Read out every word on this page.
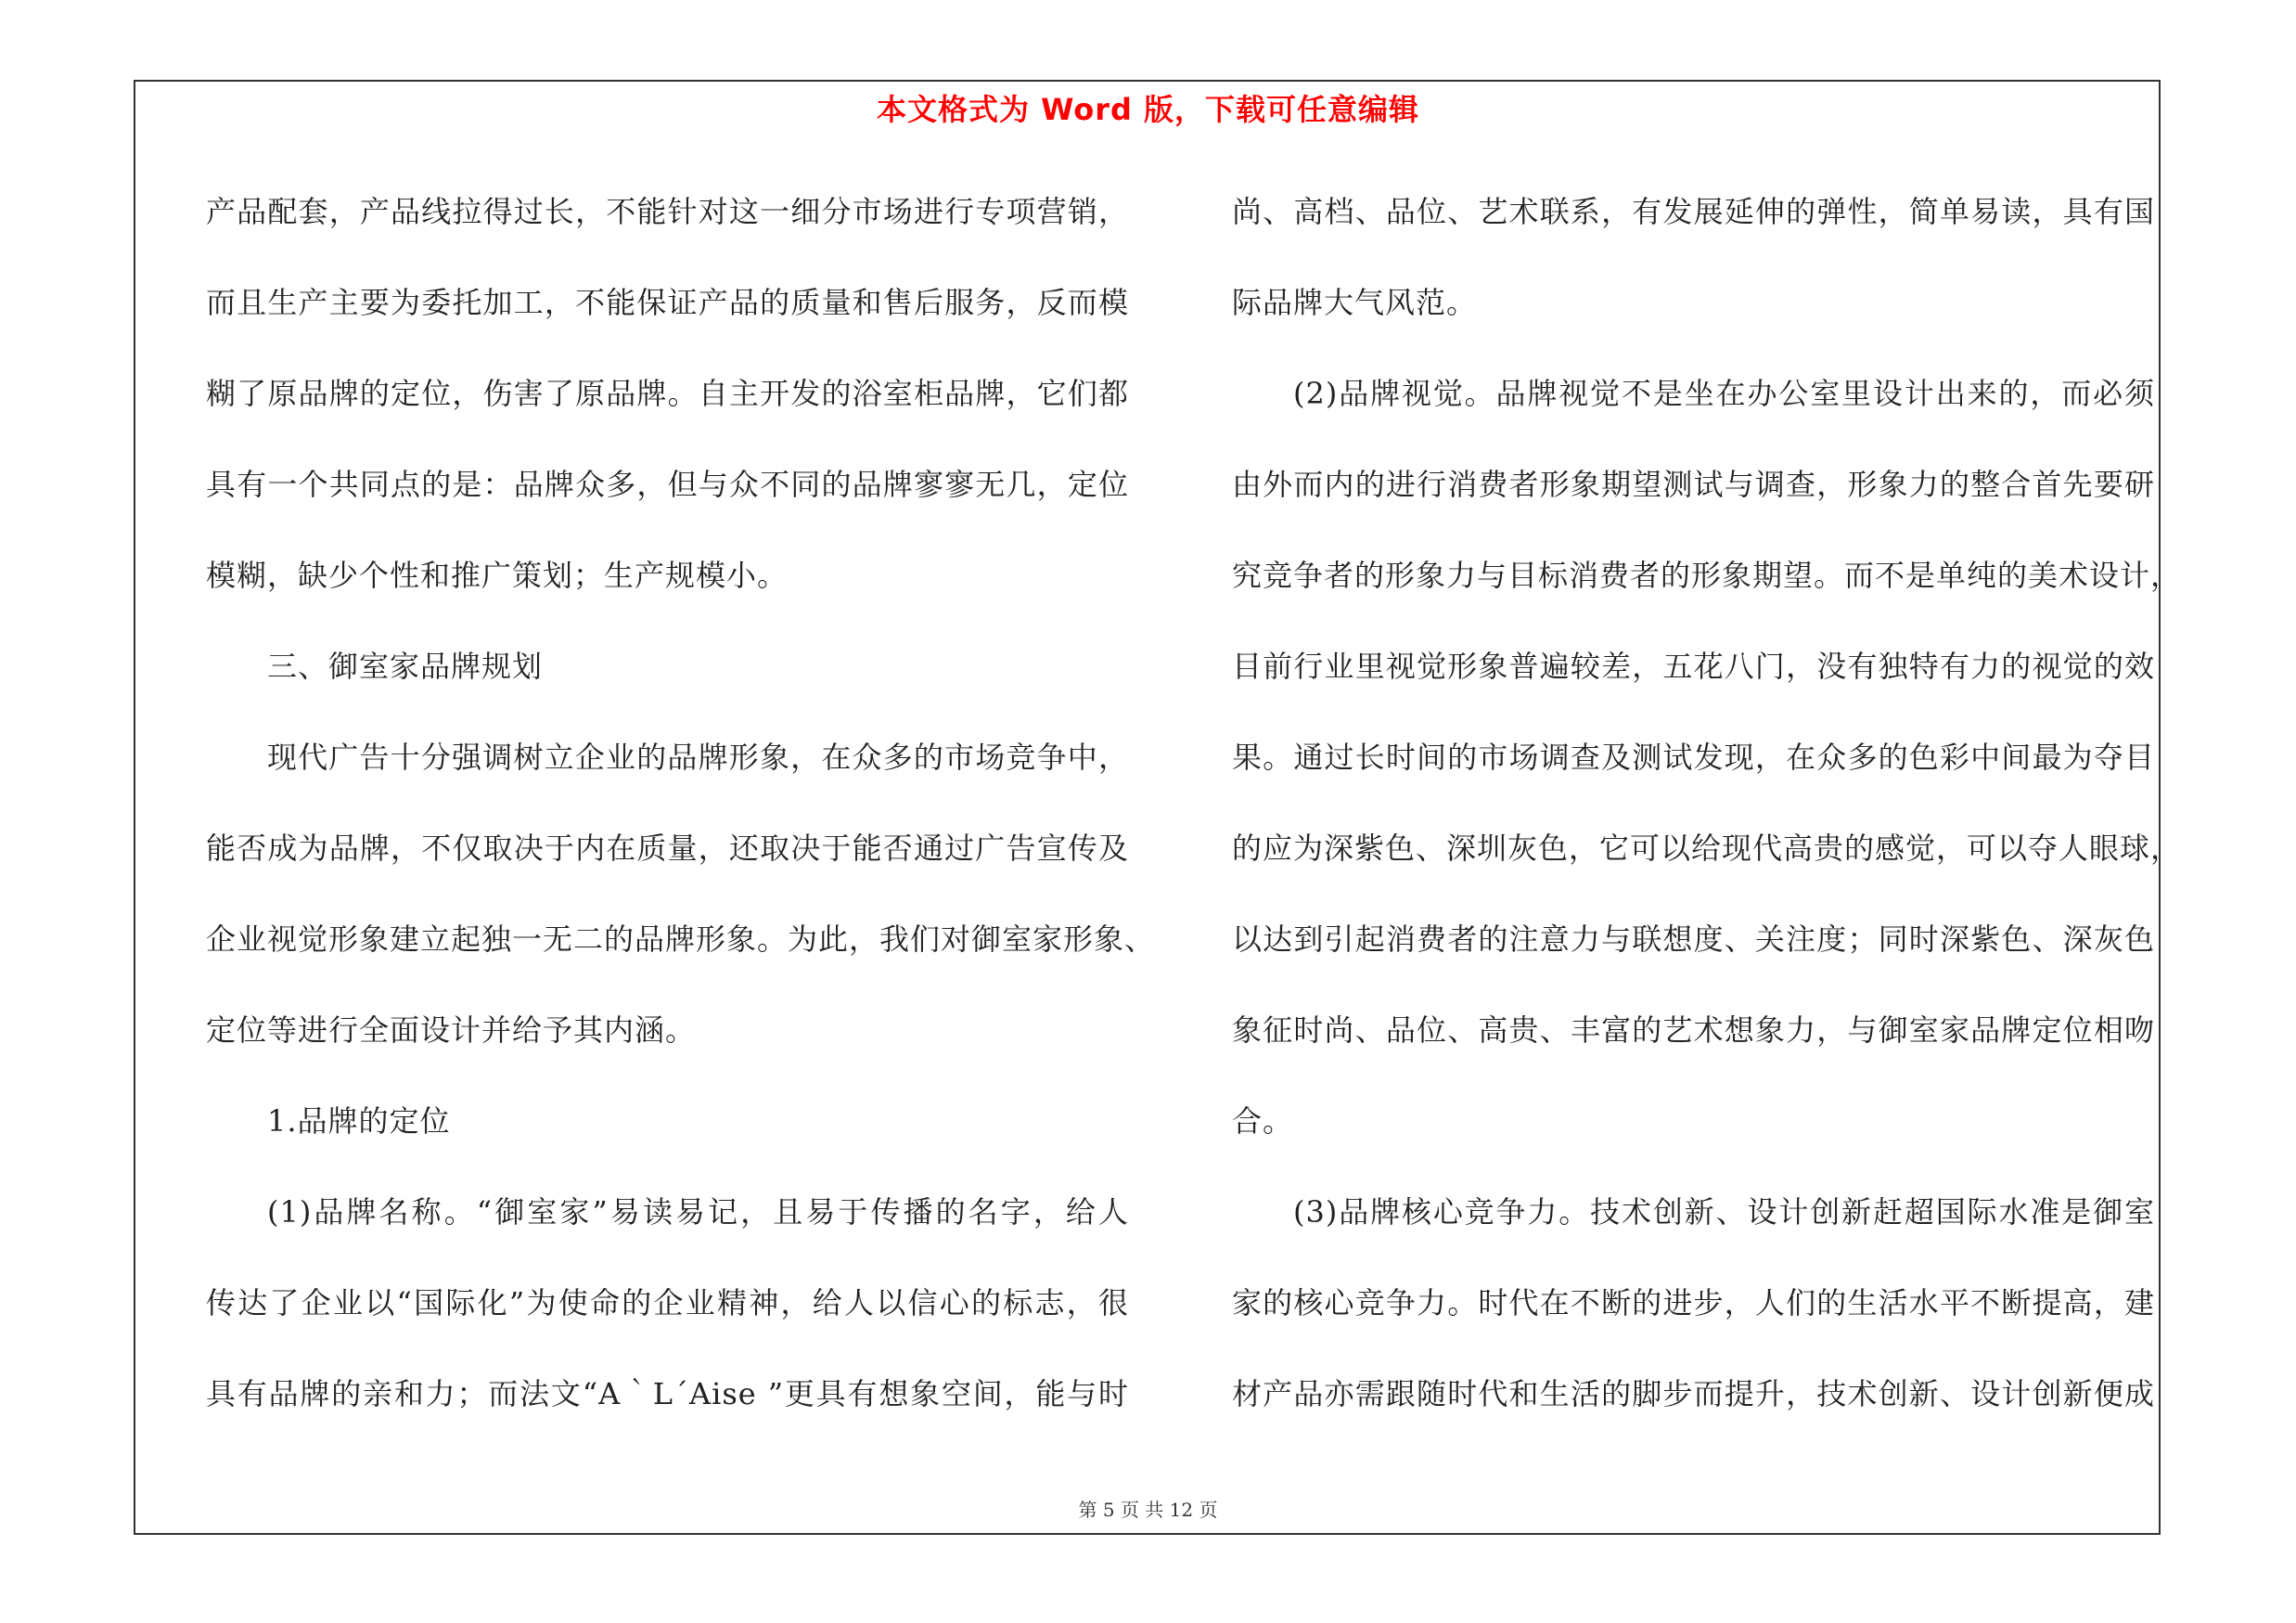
本文格式为 Word 版，下载可任意编辑
产品配套，产品线拉得过长，不能针对这一细分市场进行专项营销，
而且生产主要为委托加工，不能保证产品的质量和售后服务，反而模
糊了原品牌的定位，伤害了原品牌。自主开发的浴室柜品牌，它们都
具有一个共同点的是：品牌众多，但与众不同的品牌寥寥无几，定位
模糊，缺少个性和推广策划；生产规模小。
三、御室家品牌规划
现代广告十分强调树立企业的品牌形象，在众多的市场竞争中，
能否成为品牌，不仅取决于内在质量，还取决于能否通过广告宣传及
企业视觉形象建立起独一无二的品牌形象。为此，我们对御室家形象、
定位等进行全面设计并给予其内涵。
1.品牌的定位
(1)品牌名称。“御室家”易读易记，且易于传播的名字，给人
传达了企业以“国际化”为使命的企业精神，给人以信心的标志，很
具有品牌的亲和力；而法文“A｀L΄Aise ”更具有想象空间，能与时
尚、高档、品位、艺术联系，有发展延伸的弹性，简单易读，具有国
际品牌大气风范。
(2)品牌视觉。品牌视觉不是坐在办公室里设计出来的，而必须
由外而内的进行消费者形象期望测试与调查，形象力的整合首先要研
究竞争者的形象力与目标消费者的形象期望。而不是单纯的美术设计，
目前行业里视觉形象普遍较差，五花八门，没有独特有力的视觉的效
果。通过长时间的市场调查及测试发现，在众多的色彩中间最为夺目
的应为深紫色、深圳灰色，它可以给现代高贵的感觉，可以夺人眼球，
以达到引起消费者的注意力与联想度、关注度；同时深紫色、深灰色
象征时尚、品位、高贵、丰富的艺术想象力，与御室家品牌定位相吻
合。
(3)品牌核心竞争力。技术创新、设计创新赶超国际水准是御室
家的核心竞争力。时代在不断的进步，人们的生活水平不断提高，建
材产品亦需跟随时代和生活的脚步而提升，技术创新、设计创新便成
第 5 页 共 12 页
